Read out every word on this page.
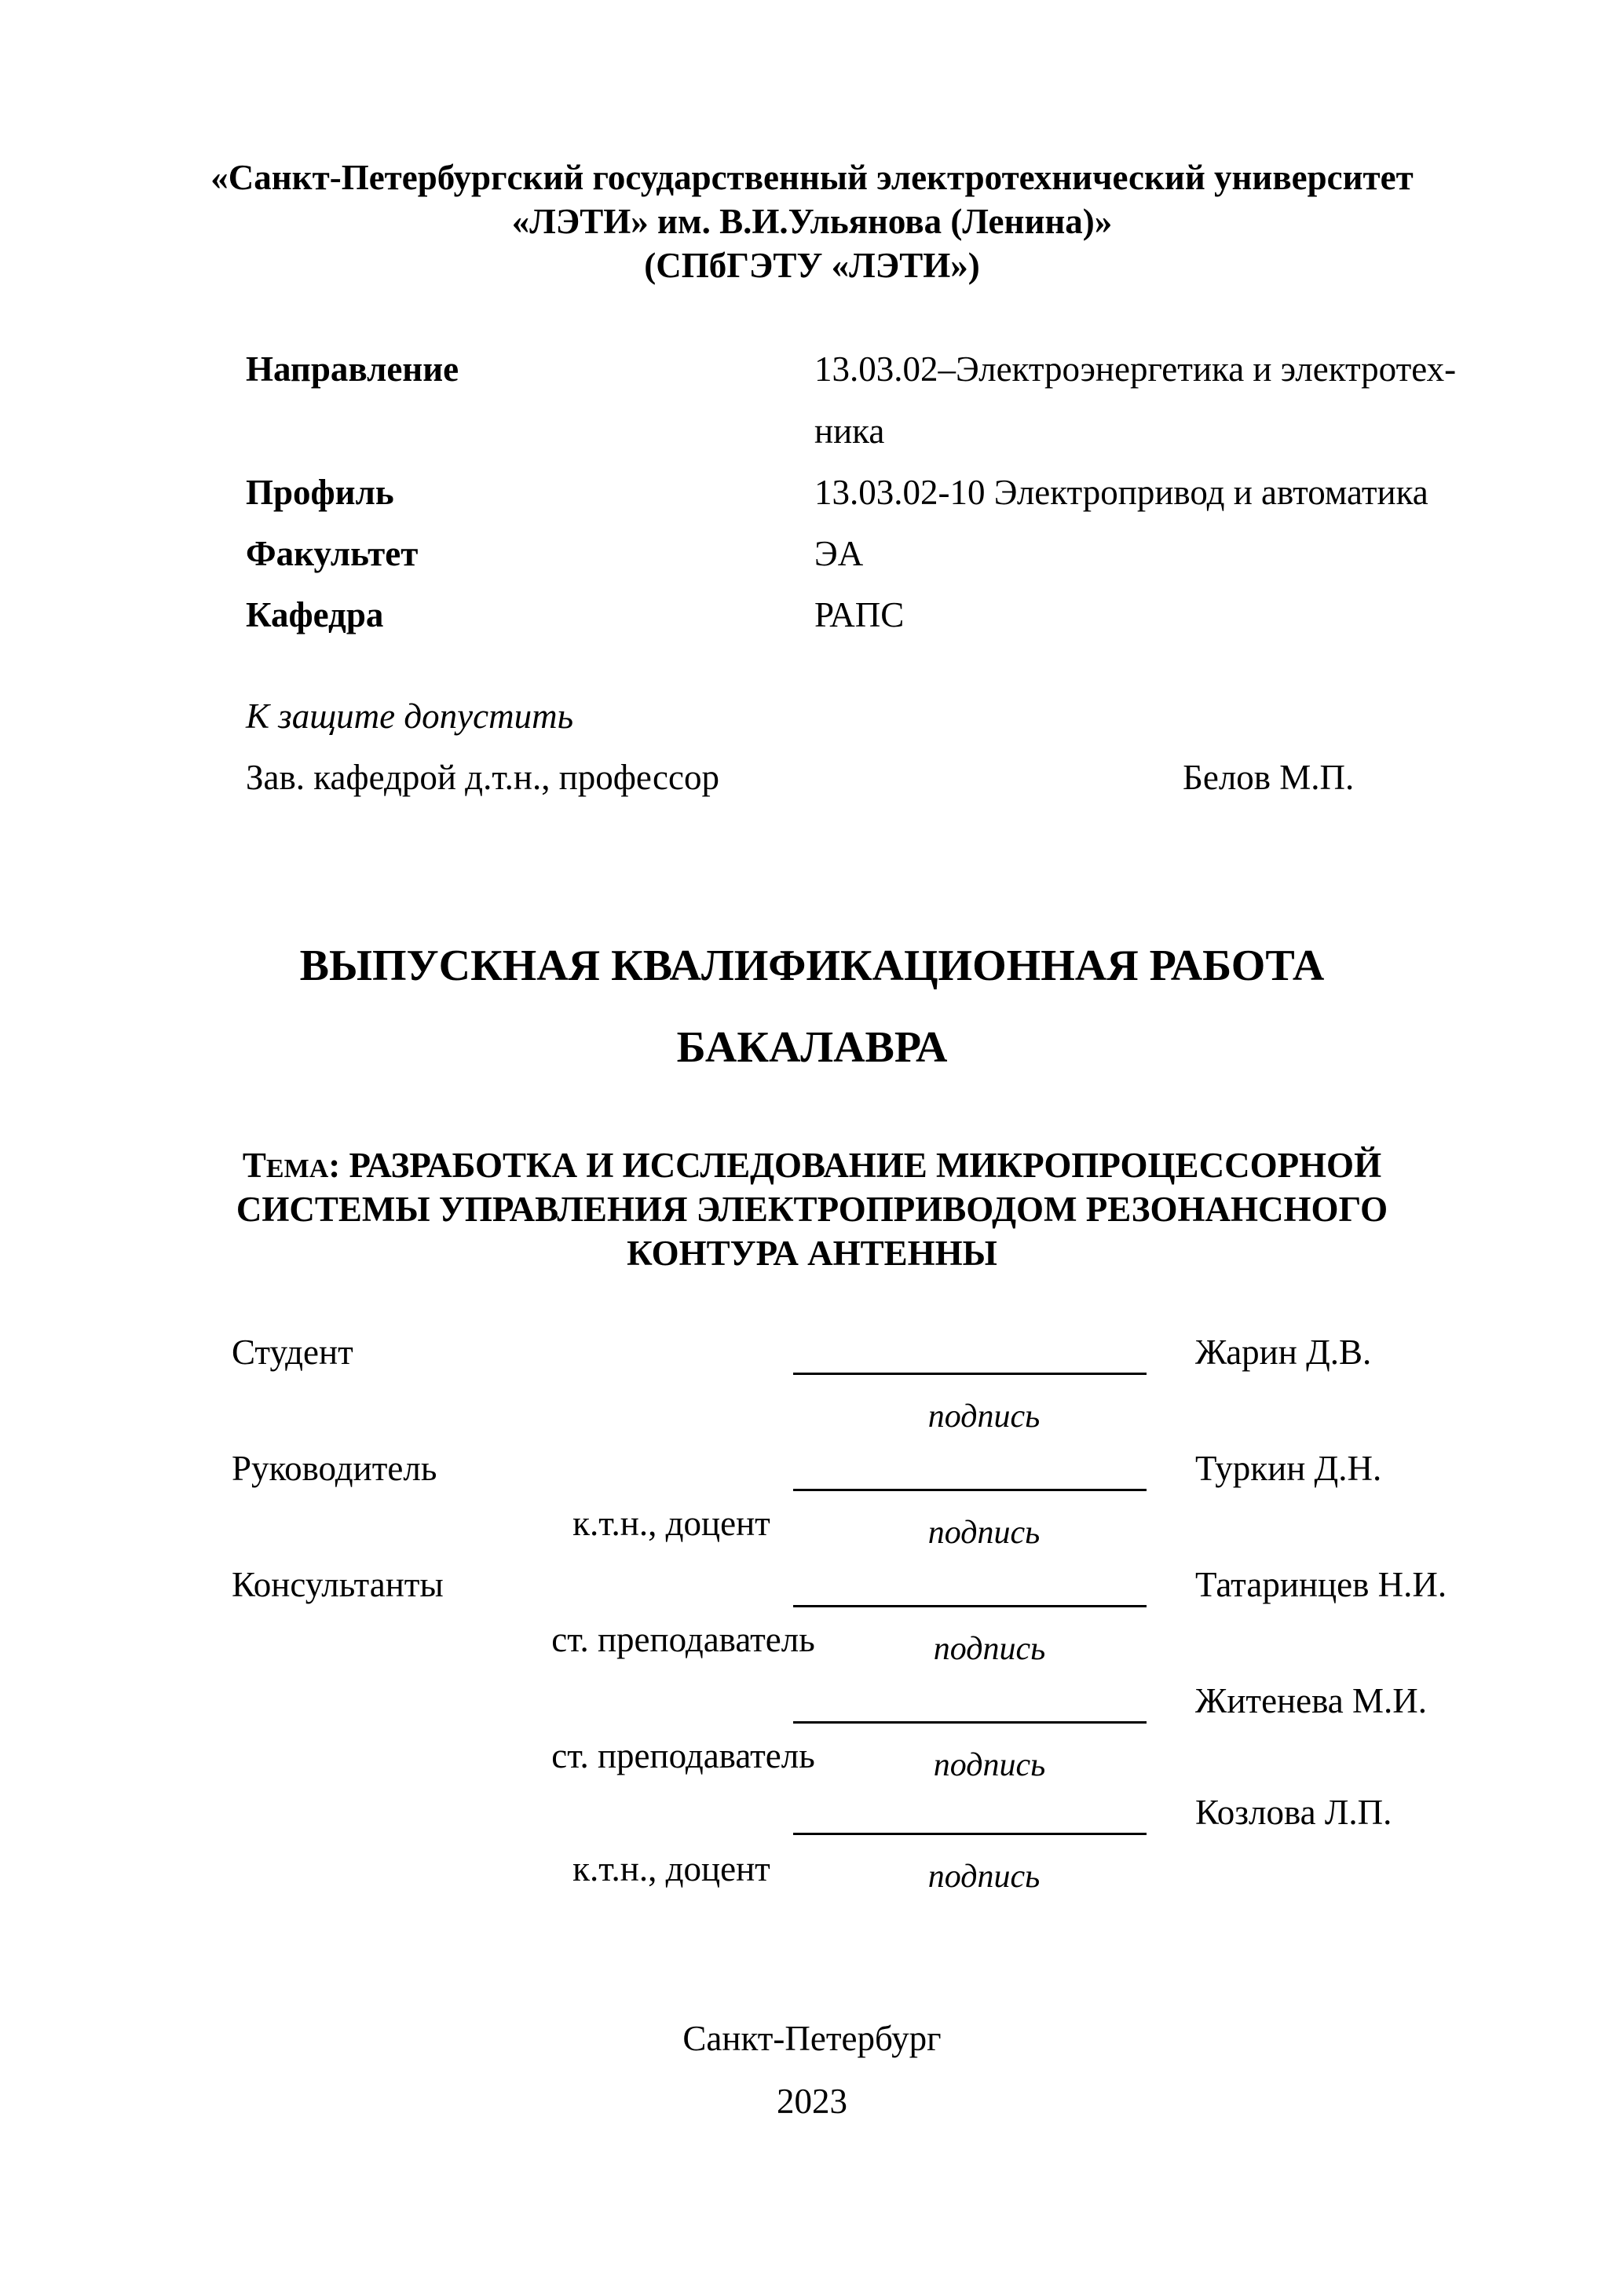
«Санкт-Петербургский государственный электротехнический университет
«ЛЭТИ» им. В.И.Ульянова (Ленина)»
(СПбГЭТУ «ЛЭТИ»)
Направление	13.03.02–Электроэнергетика и электротех-
ника
Профиль	13.03.02-10 Электропривод и автоматика
Факультет	ЭА
Кафедра	РАПС
К защите допустить
Зав. кафедрой д.т.н., профессор	Белов М.П.
ВЫПУСКНАЯ КВАЛИФИКАЦИОННАЯ РАБОТА
БАКАЛАВРА
ТЕМА: РАЗРАБОТКА И ИССЛЕДОВАНИЕ МИКРОПРОЦЕССОРНОЙ
СИСТЕМЫ УПРАВЛЕНИЯ ЭЛЕКТРОПРИВОДОМ РЕЗОНАНСНОГО
КОНТУРА АНТЕННЫ
Студент	Жарин Д.В.
подпись
Руководитель	Туркин Д.Н.
к.т.н., доцент	подпись
Консультанты	Татаринцев Н.И.
ст. преподаватель	подпись
Житенева М.И.
ст. преподаватель	подпись
Козлова Л.П.
к.т.н., доцент	подпись
Санкт-Петербург
2023
